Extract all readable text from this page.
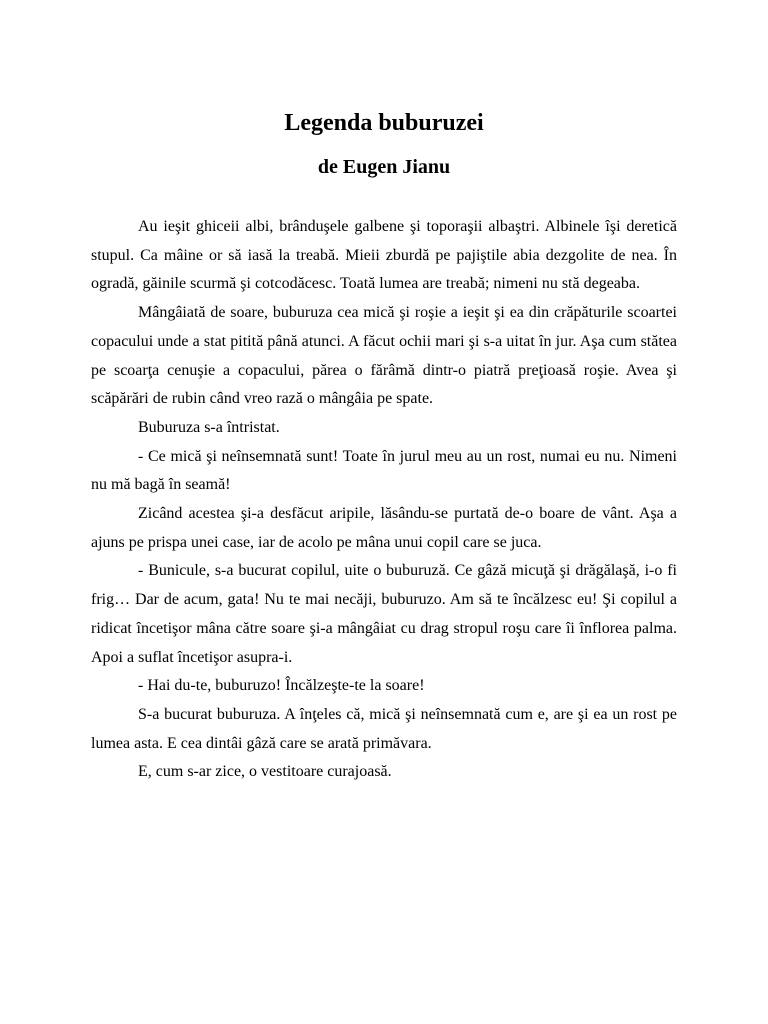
Legenda buburuzei
de Eugen Jianu

Au ieşit ghiceii albi, brânduşele galbene şi toporaşii albaştri. Albinele îşi deretică stupul. Ca mâine or să iasă la treabă. Mieii zburdă pe pajiştile abia dezgolite de nea. În ogradă, găinile scurmă şi cotcodăcesc. Toată lumea are treabă; nimeni nu stă degeaba.

Mângâiată de soare, buburuza cea mică şi roşie a ieşit şi ea din crăpăturile scoartei copacului unde a stat pitită până atunci. A făcut ochii mari şi s-a uitat în jur. Aşa cum stătea pe scoarţa cenuşie a copacului, părea o fărâmă dintr-o piatră preţioasă roşie. Avea şi scăpărări de rubin când vreo rază o mângâia pe spate.

Buburuza s-a întristat.

- Ce mică şi neînsemnată sunt! Toate în jurul meu au un rost, numai eu nu. Nimeni nu mă bagă în seamă!

Zicând acestea şi-a desfăcut aripile, lăsându-se purtată de-o boare de vânt. Aşa a ajuns pe prispa unei case, iar de acolo pe mâna unui copil care se juca.

- Bunicule, s-a bucurat copilul, uite o buburuză. Ce gâză micuţă şi drăgălaşă, i-o fi frig… Dar de acum, gata! Nu te mai necăji, buburuzo. Am să te încălzesc eu! Şi copilul a ridicat încetişor mâna către soare şi-a mângâiat cu drag stropul roşu care îi înflorea palma. Apoi a suflat încetişor asupra-i.

- Hai du-te, buburuzo! Încălzeşte-te la soare!

S-a bucurat buburuza. A înţeles că, mică şi neînsemnată cum e, are şi ea un rost pe lumea asta. E cea dintâi gâză care se arată primăvara.

E, cum s-ar zice, o vestitoare curajoasă.
